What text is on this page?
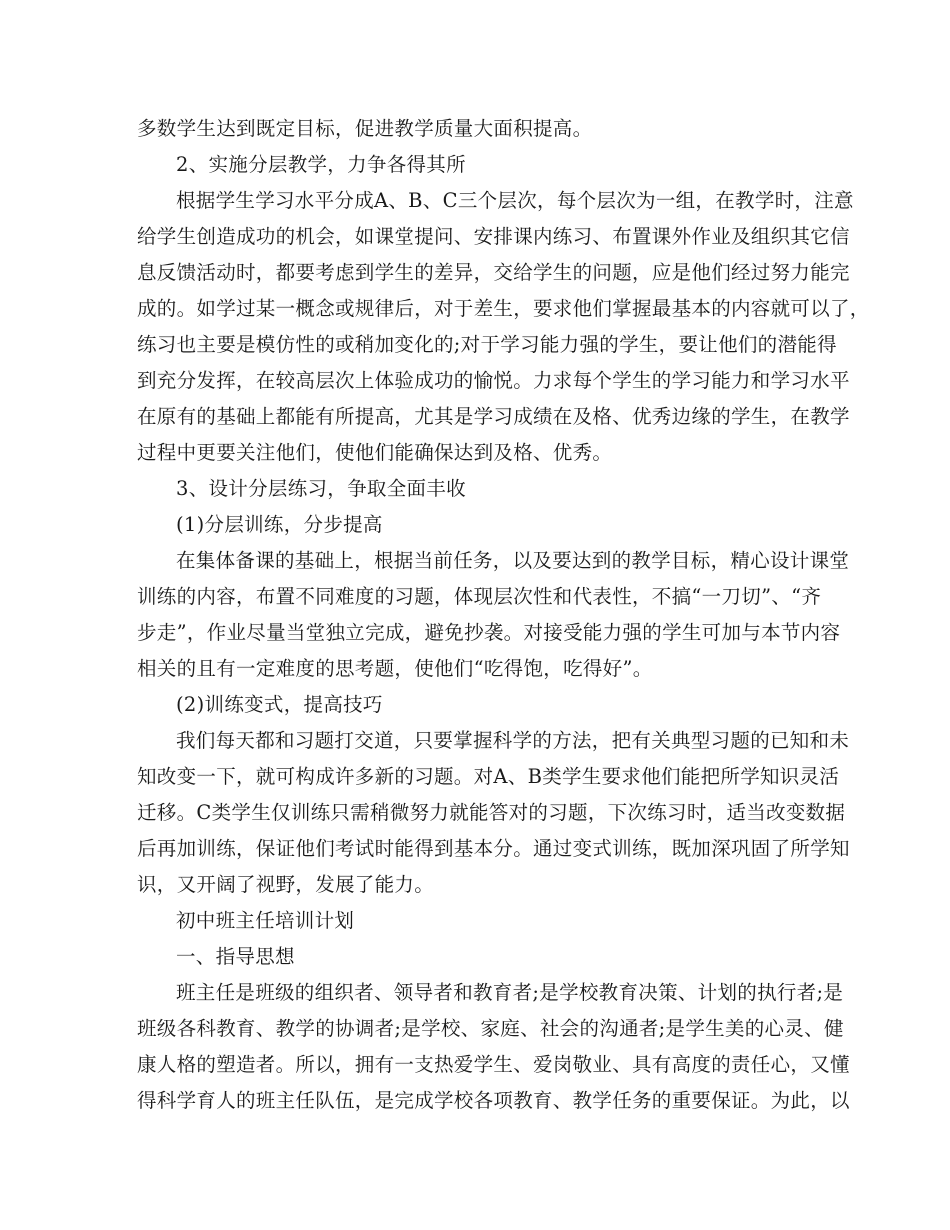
多数学生达到既定目标，促进教学质量大面积提高。
2、实施分层教学，力争各得其所
根据学生学习水平分成A、B、C三个层次，每个层次为一组，在教学时，注意
给学生创造成功的机会，如课堂提问、安排课内练习、布置课外作业及组织其它信
息反馈活动时，都要考虑到学生的差异，交给学生的问题，应是他们经过努力能完
成的。如学过某一概念或规律后，对于差生，要求他们掌握最基本的内容就可以了，
练习也主要是模仿性的或稍加变化的;对于学习能力强的学生，要让他们的潜能得
到充分发挥，在较高层次上体验成功的愉悦。力求每个学生的学习能力和学习水平
在原有的基础上都能有所提高，尤其是学习成绩在及格、优秀边缘的学生，在教学
过程中更要关注他们，使他们能确保达到及格、优秀。
3、设计分层练习，争取全面丰收
(1)分层训练，分步提高
在集体备课的基础上，根据当前任务，以及要达到的教学目标，精心设计课堂
训练的内容，布置不同难度的习题，体现层次性和代表性，不搞“一刀切”、“齐
步走”，作业尽量当堂独立完成，避免抄袭。对接受能力强的学生可加与本节内容
相关的且有一定难度的思考题，使他们“吃得饱，吃得好”。
(2)训练变式，提高技巧
我们每天都和习题打交道，只要掌握科学的方法，把有关典型习题的已知和未
知改变一下，就可构成许多新的习题。对A、B类学生要求他们能把所学知识灵活
迁移。C类学生仅训练只需稍微努力就能答对的习题，下次练习时，适当改变数据
后再加训练，保证他们考试时能得到基本分。通过变式训练，既加深巩固了所学知
识，又开阔了视野，发展了能力。
初中班主任培训计划
一、指导思想
班主任是班级的组织者、领导者和教育者;是学校教育决策、计划的执行者;是
班级各科教育、教学的协调者;是学校、家庭、社会的沟通者;是学生美的心灵、健
康人格的塑造者。所以，拥有一支热爱学生、爱岗敬业、具有高度的责任心，又懂
得科学育人的班主任队伍，是完成学校各项教育、教学任务的重要保证。为此，以
